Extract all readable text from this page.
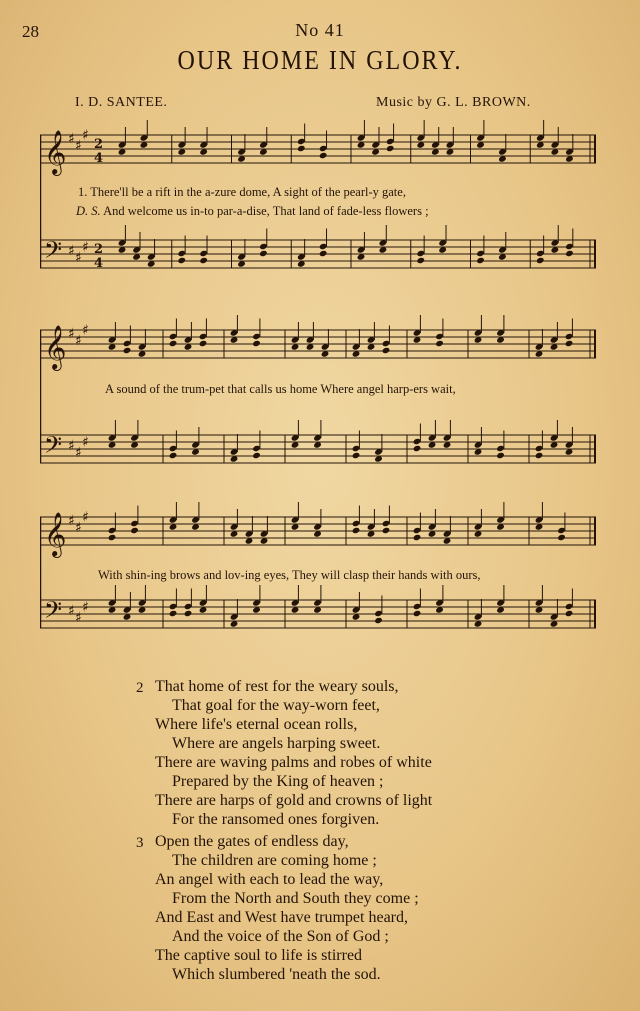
28	No 41
OUR HOME IN GLORY.
I. D. SANTEE.	Music by G. L. BROWN.
𝄞
𝄢
♯ ♯
♯
♯ ♯
♯
2
4
2
4
1. There'll be a rift in the a-zure dome, A sight of the pearl-y gate,
D. S. And welcome us in-to par-a-dise, That land of fade-less flowers ;
𝄞
𝄢
♯ ♯
♯
♯ ♯
♯
A sound of the trum-pet that calls us home Where angel harp-ers wait,
𝄞
𝄢
♯ ♯
♯
♯ ♯
♯
With shin-ing brows and lov-ing eyes, They will clasp their hands with ours,
2 That home of rest for the weary souls,
That goal for the way-worn feet,
Where life's eternal ocean rolls,
Where are angels harping sweet.
There are waving palms and robes of white
Prepared by the King of heaven ;
There are harps of gold and crowns of light
For the ransomed ones forgiven.
3 Open the gates of endless day,
The children are coming home ;
An angel with each to lead the way,
From the North and South they come ;
And East and West have trumpet heard,
And the voice of the Son of God ;
The captive soul to life is stirred
Which slumbered 'neath the sod.
